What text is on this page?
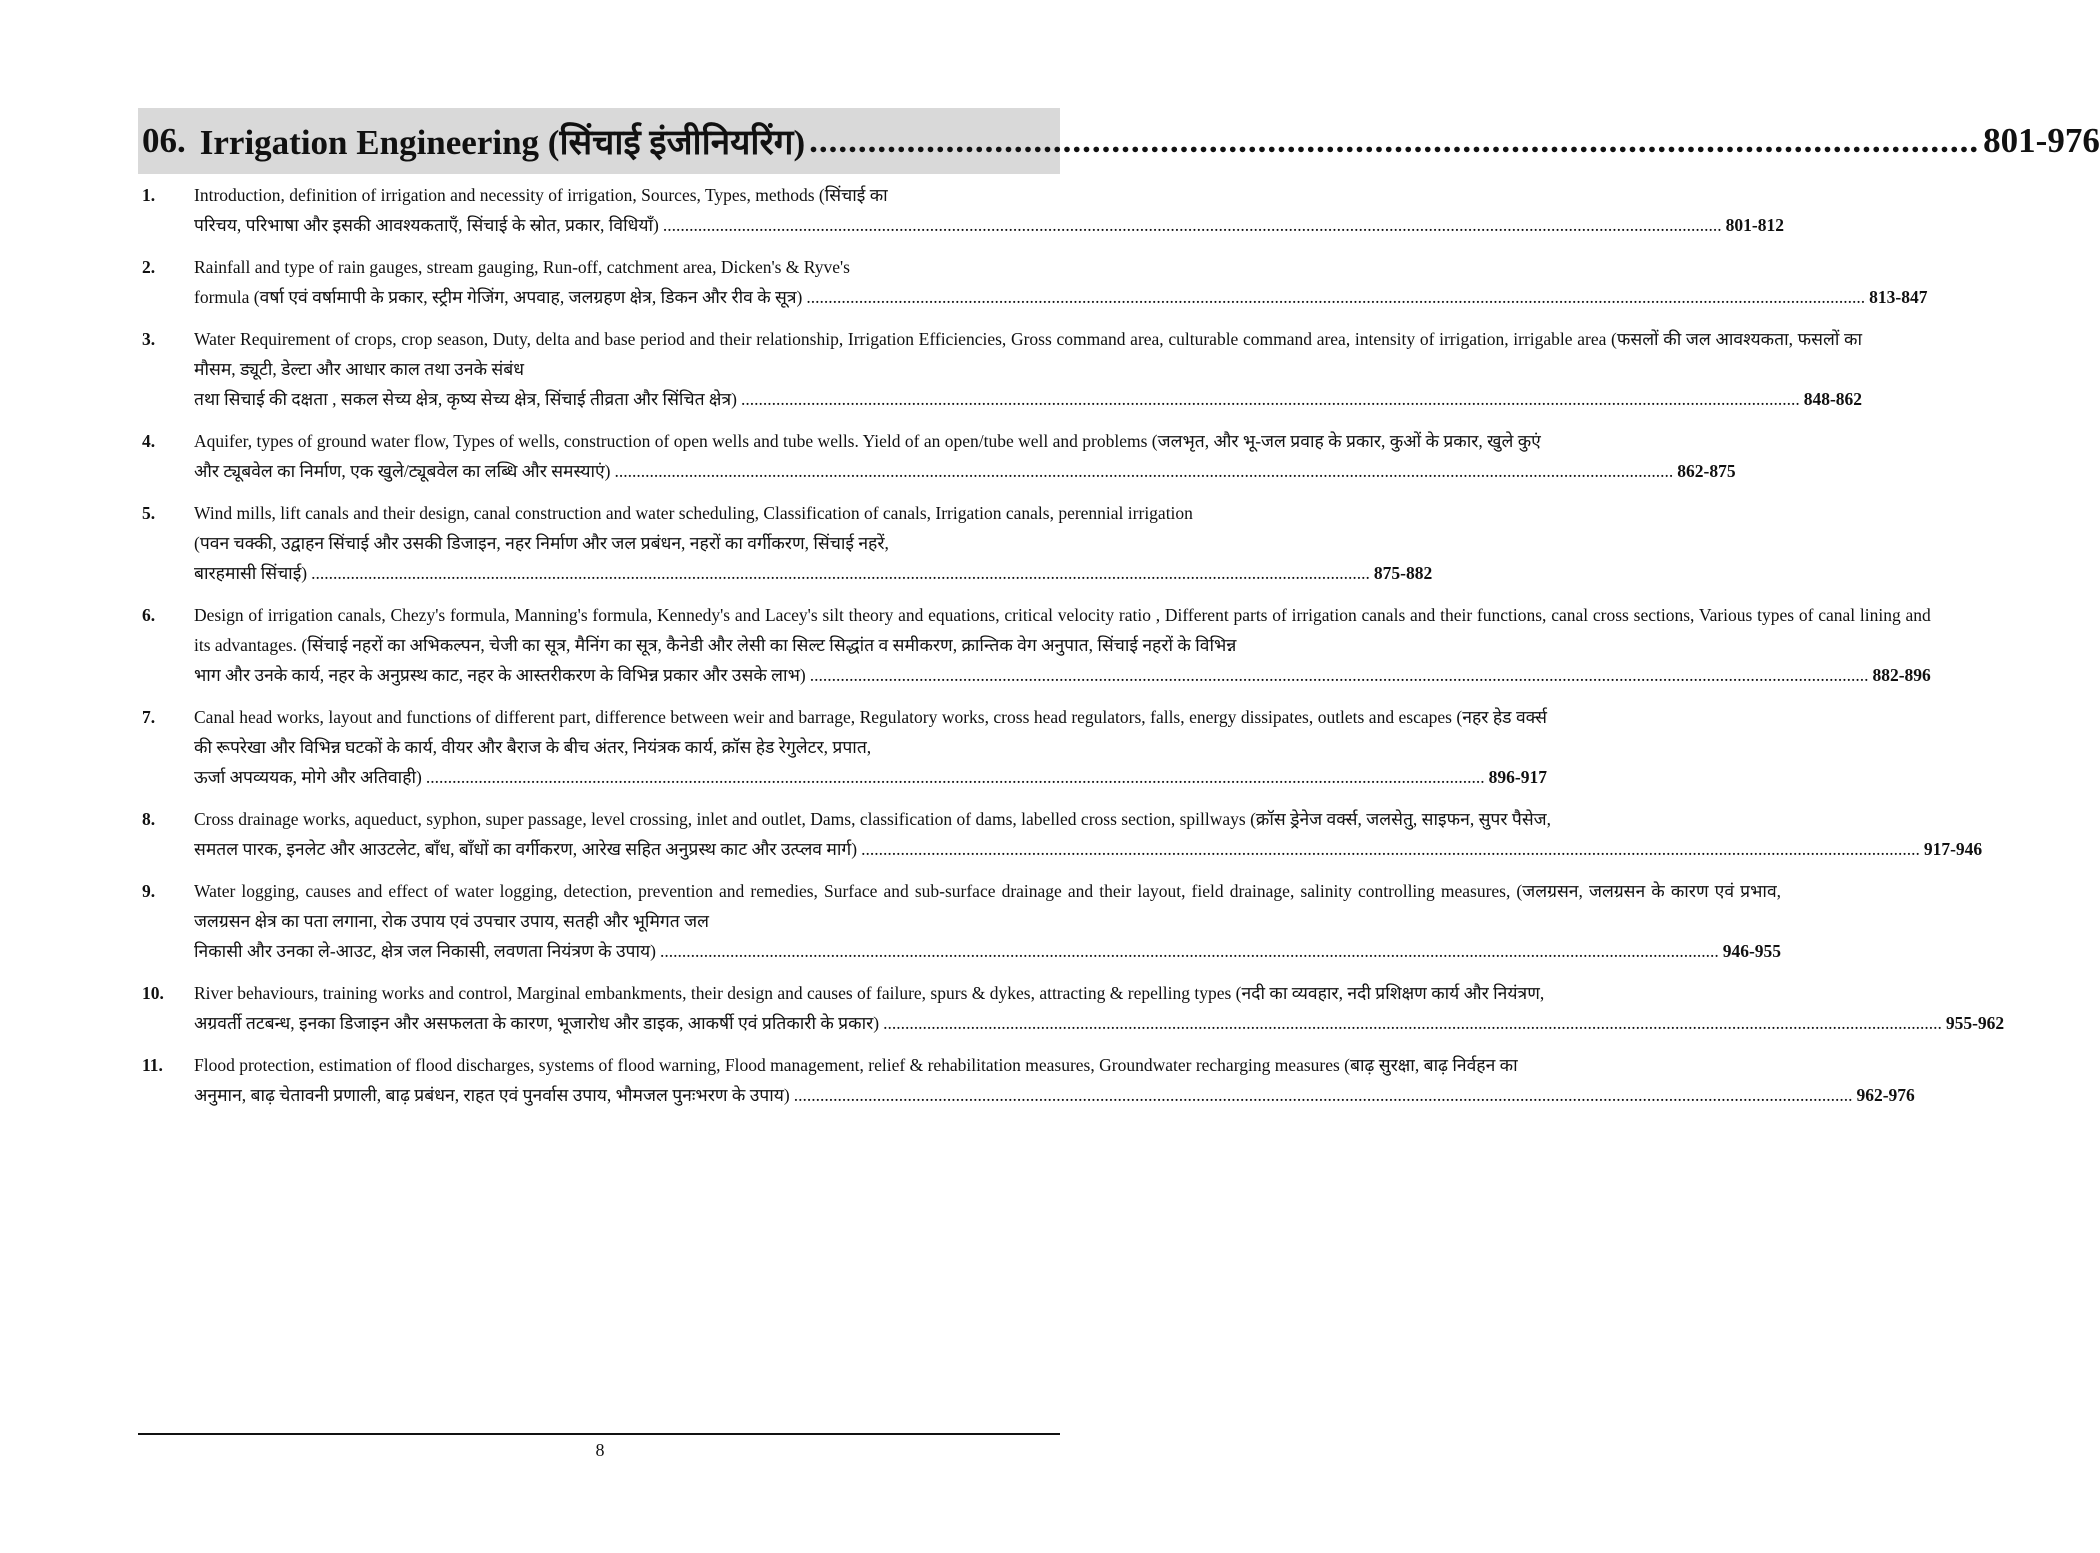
06. Irrigation Engineering (सिंचाई इंजीनियरिंग) .....	801-976
1.	Introduction, definition of irrigation and necessity of irrigation, Sources, Types, methods (सिंचाई का
परिचय, परिभाषा और इसकी आवश्यकताएँ, सिंचाई के स्रोत, प्रकार, विधियाँ) .....	801-812
2.	Rainfall and type of rain gauges, stream gauging, Run-off, catchment area, Dicken's & Ryve's
formula (वर्षा एवं वर्षामापी के प्रकार, स्ट्रीम गेजिंग, अपवाह, जलग्रहण क्षेत्र, डिकन और रीव के सूत्र) .....	813-847
3.	Water Requirement of crops, crop season, Duty, delta and base period and their relationship, Irrigation Efficiencies, Gross command area, culturable command area, intensity of irrigation, irrigable area (फसलों की जल आवश्यकता, फसलों का मौसम, ड्यूटी, डेल्टा और आधार काल तथा उनके संबंध
तथा सिचाई की दक्षता , सकल सेच्य क्षेत्र, कृष्य सेच्य क्षेत्र, सिंचाई तीव्रता और सिंचित क्षेत्र) .....	848-862
4.	Aquifer, types of ground water flow, Types of wells, construction of open wells and tube wells. Yield of an open/tube well and problems (जलभृत, और भू-जल प्रवाह के प्रकार, कुओं के प्रकार, खुले कुएं
और ट्यूबवेल का निर्माण, एक खुले/ट्यूबवेल का लब्धि और समस्याएं) .....	862-875
5.	Wind mills, lift canals and their design, canal construction and water scheduling, Classification of canals, Irrigation canals, perennial irrigation
(पवन चक्की, उद्वाहन सिंचाई और उसकी डिजाइन, नहर निर्माण और जल प्रबंधन, नहरों का वर्गीकरण, सिंचाई नहरें,
बारहमासी सिंचाई) .....	875-882
6.	Design of irrigation canals, Chezy's formula, Manning's formula, Kennedy's and Lacey's silt theory and equations, critical velocity ratio , Different parts of irrigation canals and their functions, canal cross sections, Various types of canal lining and its advantages. (सिंचाई नहरों का अभिकल्पन, चेजी का सूत्र, मैनिंग का सूत्र, कैनेडी और लेसी का सिल्ट सिद्धांत व समीकरण, क्रान्तिक वेग अनुपात, सिंचाई नहरों के विभिन्न
भाग और उनके कार्य, नहर के अनुप्रस्थ काट, नहर के आस्तरीकरण के विभिन्न प्रकार और उसके लाभ) .....	882-896
7.	Canal head works, layout and functions of different part, difference between weir and barrage, Regulatory works, cross head regulators, falls, energy dissipates, outlets and escapes (नहर हेड वर्क्स की रूपरेखा और विभिन्न घटकों के कार्य, वीयर और बैराज के बीच अंतर, नियंत्रक कार्य, क्रॉस हेड रेगुलेटर, प्रपात,
ऊर्जा अपव्ययक, मोगे और अतिवाही) .....	896-917
8.	Cross drainage works, aqueduct, syphon, super passage, level crossing, inlet and outlet, Dams, classification of dams, labelled cross section, spillways (क्रॉस ड्रेनेज वर्क्स, जलसेतु, साइफन, सुपर पैसेज,
समतल पारक, इनलेट और आउटलेट, बाँध, बाँधों का वर्गीकरण, आरेख सहित अनुप्रस्थ काट और उत्प्लव मार्ग) .....	917-946
9.	Water logging, causes and effect of water logging, detection, prevention and remedies, Surface and sub-surface drainage and their layout, field drainage, salinity controlling measures, (जलग्रसन, जलग्रसन के कारण एवं प्रभाव, जलग्रसन क्षेत्र का पता लगाना, रोक उपाय एवं उपचार उपाय, सतही और भूमिगत जल
निकासी और उनका ले-आउट, क्षेत्र जल निकासी, लवणता नियंत्रण के उपाय) .....	946-955
10.	River behaviours, training works and control, Marginal embankments, their design and causes of failure, spurs & dykes, attracting & repelling types (नदी का व्यवहार, नदी प्रशिक्षण कार्य और नियंत्रण,
अग्रवर्ती तटबन्ध, इनका डिजाइन और असफलता के कारण, भूजारोध और डाइक, आकर्षी एवं प्रतिकारी के प्रकार) .....	955-962
11.	Flood protection, estimation of flood discharges, systems of flood warning, Flood management, relief & rehabilitation measures, Groundwater recharging measures (बाढ़ सुरक्षा, बाढ़ निर्वहन का
अनुमान, बाढ़ चेतावनी प्रणाली, बाढ़ प्रबंधन, राहत एवं पुनर्वास उपाय, भौमजल पुनःभरण के उपाय) .....	962-976
8
